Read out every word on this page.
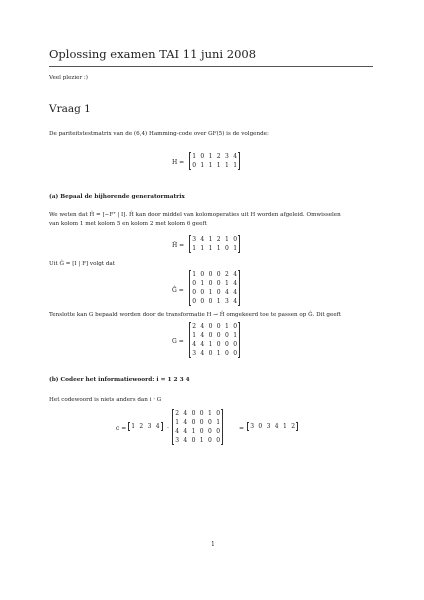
Oplossing examen TAI 11 juni 2008
Veel plezier :)
Vraag 1
De pariteitstestmatrix van de (6,4) Hamming-code over GF(5) is de volgende:
H =
1	0	1	2	3	4
0	1	1	1	1	1
(a) Bepaal de bijhorende generatormatrix
We weten dat Ĥ = [−Fᵀ | I]. Ĥ kan door middel van kolomoperaties uit H worden afgeleid. Omwisselen
van kolom 1 met kolom 5 en kolom 2 met kolom 6 geeft
Ĥ =
3	4	1	2	1	0
1	1	1	1	0	1
Uit Ĝ = [I | F] volgt dat
Ĝ =
1	0	0	0	2	4
0	1	0	0	1	4
0	0	1	0	4	4
0	0	0	1	3	4
Tenslotte kan G bepaald worden door de transformatie H → Ĥ omgekeerd toe te passen op Ĝ. Dit geeft
G =
2	4	0	0	1	0
1	4	0	0	0	1
4	4	1	0	0	0
3	4	0	1	0	0
(b) Codeer het informatiewoord: i = 1 2 3 4
Het codewoord is niets anders dan i · G
c = 1	2	3	4 ·
2	4	0	0	1	0
1	4	0	0	0	1
4	4	1	0	0	0
3	4	0	1	0	0
= 3	0	3	4	1	2
1
